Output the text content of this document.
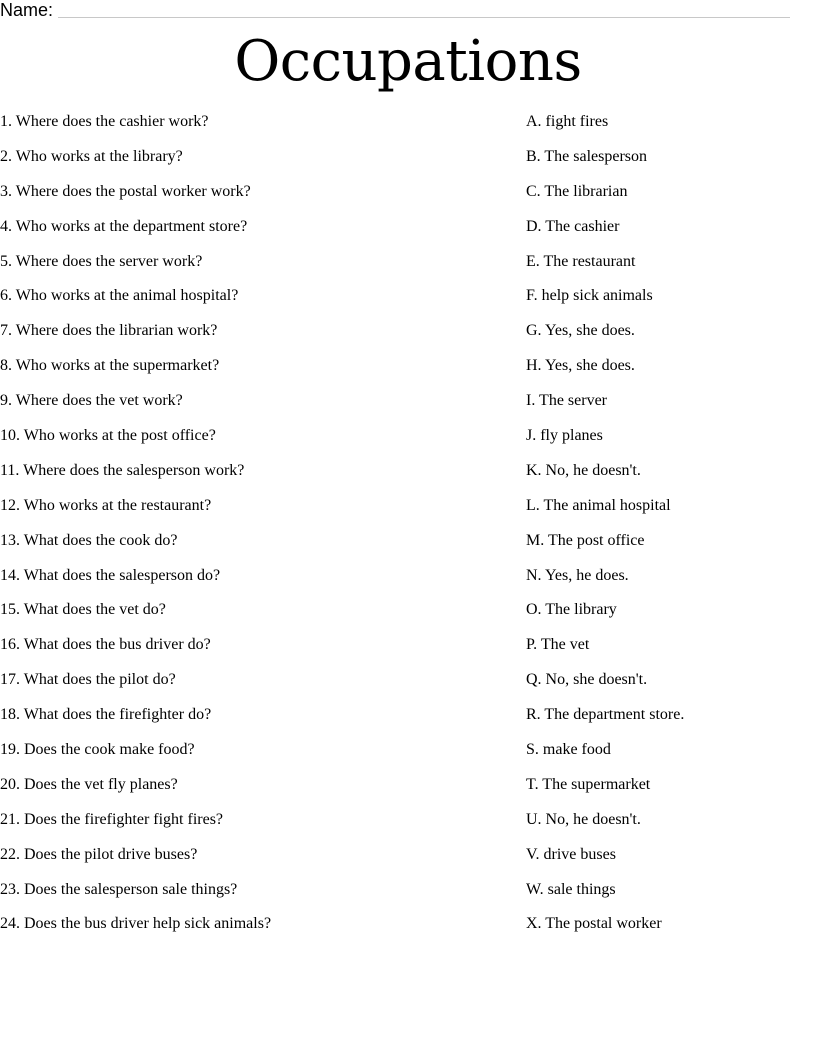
Name:
Occupations
1. Where does the cashier work?
2. Who works at the library?
3. Where does the postal worker work?
4. Who works at the department store?
5. Where does the server work?
6. Who works at the animal hospital?
7. Where does the librarian work?
8. Who works at the supermarket?
9. Where does the vet work?
10. Who works at the post office?
11. Where does the salesperson work?
12. Who works at the restaurant?
13. What does the cook do?
14. What does the salesperson do?
15. What does the vet do?
16. What does the bus driver do?
17. What does the pilot do?
18. What does the firefighter do?
19. Does the cook make food?
20. Does the vet fly planes?
21. Does the firefighter fight fires?
22. Does the pilot drive buses?
23. Does the salesperson sale things?
24. Does the bus driver help sick animals?
A. fight fires
B. The salesperson
C. The librarian
D. The cashier
E. The restaurant
F. help sick animals
G. Yes, she does.
H. Yes, she does.
I. The server
J. fly planes
K. No, he doesn't.
L. The animal hospital
M. The post office
N. Yes, he does.
O. The library
P. The vet
Q. No, she doesn't.
R. The department store.
S. make food
T. The supermarket
U. No, he doesn't.
V. drive buses
W. sale things
X. The postal worker
